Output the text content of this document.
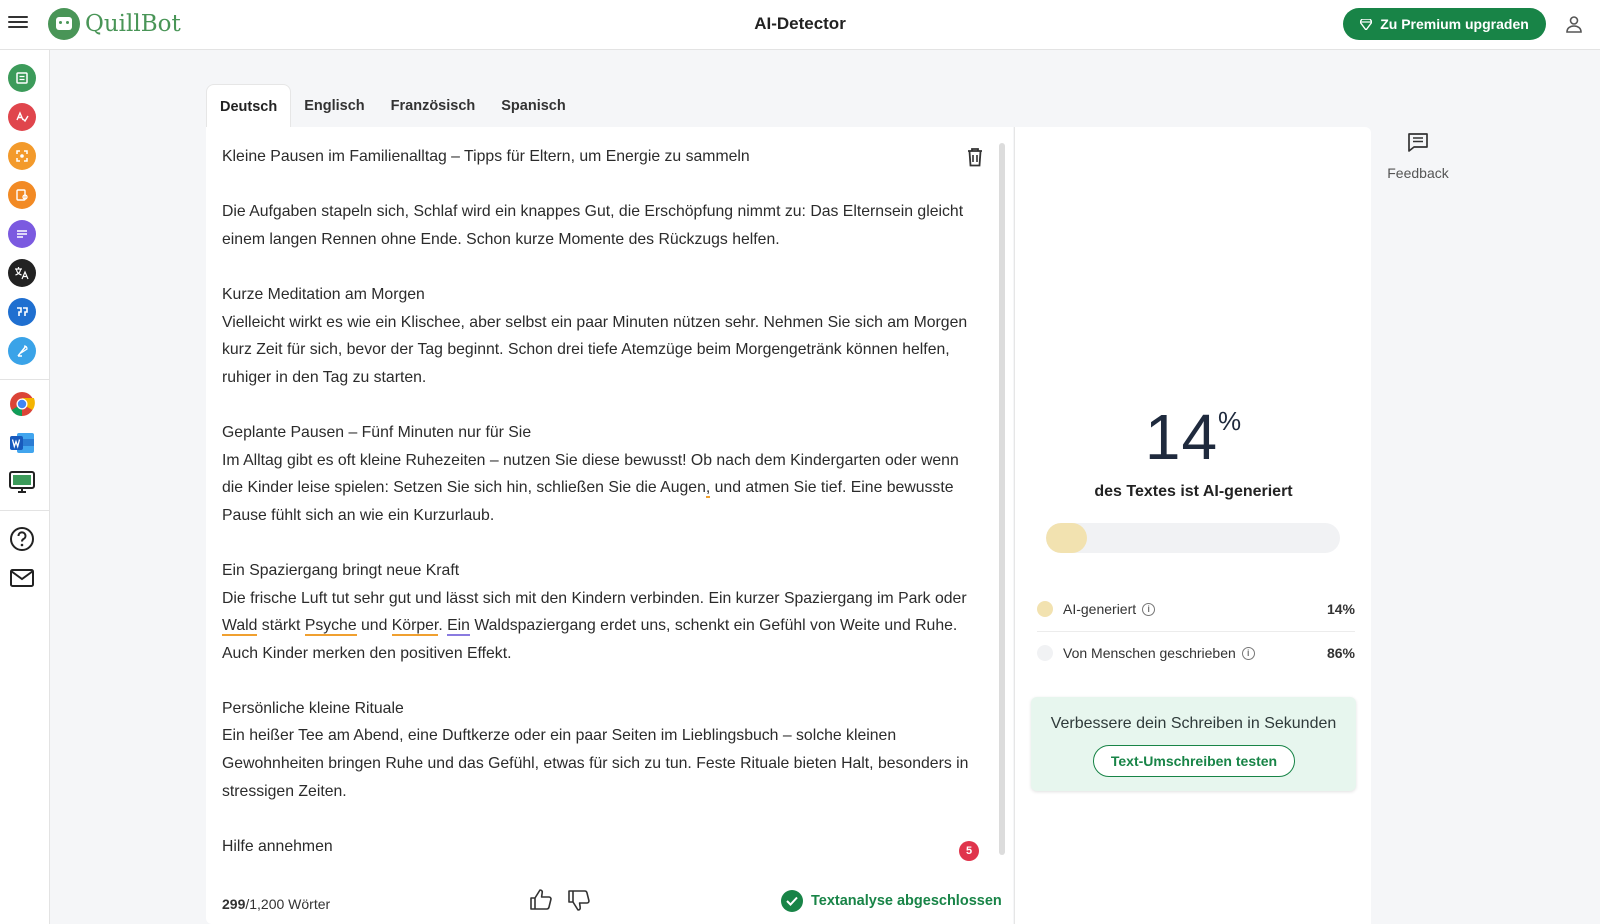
QuillBot	AI-Detector	Zu Premium upgraden
Deutsch	Englisch	Französisch	Spanisch

Kleine Pausen im Familienalltag – Tipps für Eltern, um Energie zu sammeln

Die Aufgaben stapeln sich, Schlaf wird ein knappes Gut, die Erschöpfung nimmt zu: Das Elternsein gleicht einem langen Rennen ohne Ende. Schon kurze Momente des Rückzugs helfen.

Kurze Meditation am Morgen
Vielleicht wirkt es wie ein Klischee, aber selbst ein paar Minuten nützen sehr. Nehmen Sie sich am Morgen kurz Zeit für sich, bevor der Tag beginnt. Schon drei tiefe Atemzüge beim Morgengetränk können helfen, ruhiger in den Tag zu starten.
Geplante Pausen – Fünf Minuten nur für Sie
Im Alltag gibt es oft kleine Ruhezeiten – nutzen Sie diese bewusst! Ob nach dem Kindergarten oder wenn die Kinder leise spielen: Setzen Sie sich hin, schließen Sie die Augen, und atmen Sie tief. Eine bewusste Pause fühlt sich an wie ein Kurzurlaub.
Ein Spaziergang bringt neue Kraft
Die frische Luft tut sehr gut und lässt sich mit den Kindern verbinden. Ein kurzer Spaziergang im Park oder Wald stärkt Psyche und Körper. Ein Waldspaziergang erdet uns, schenkt ein Gefühl von Weite und Ruhe. Auch Kinder merken den positiven Effekt.
Persönliche kleine Rituale
Ein heißer Tee am Abend, eine Duftkerze oder ein paar Seiten im Lieblingsbuch – solche kleinen Gewohnheiten bringen Ruhe und das Gefühl, etwas für sich zu tun. Feste Rituale bieten Halt, besonders in stressigen Zeiten.
Hilfe annehmen	5
299/1,200 Wörter	Textanalyse abgeschlossen
14%
des Textes ist AI-generiert
AI-generiert	i	14%
Von Menschen geschrieben	i	86%
Verbessere dein Schreiben in Sekunden
Text-Umschreiben testen
Feedback
